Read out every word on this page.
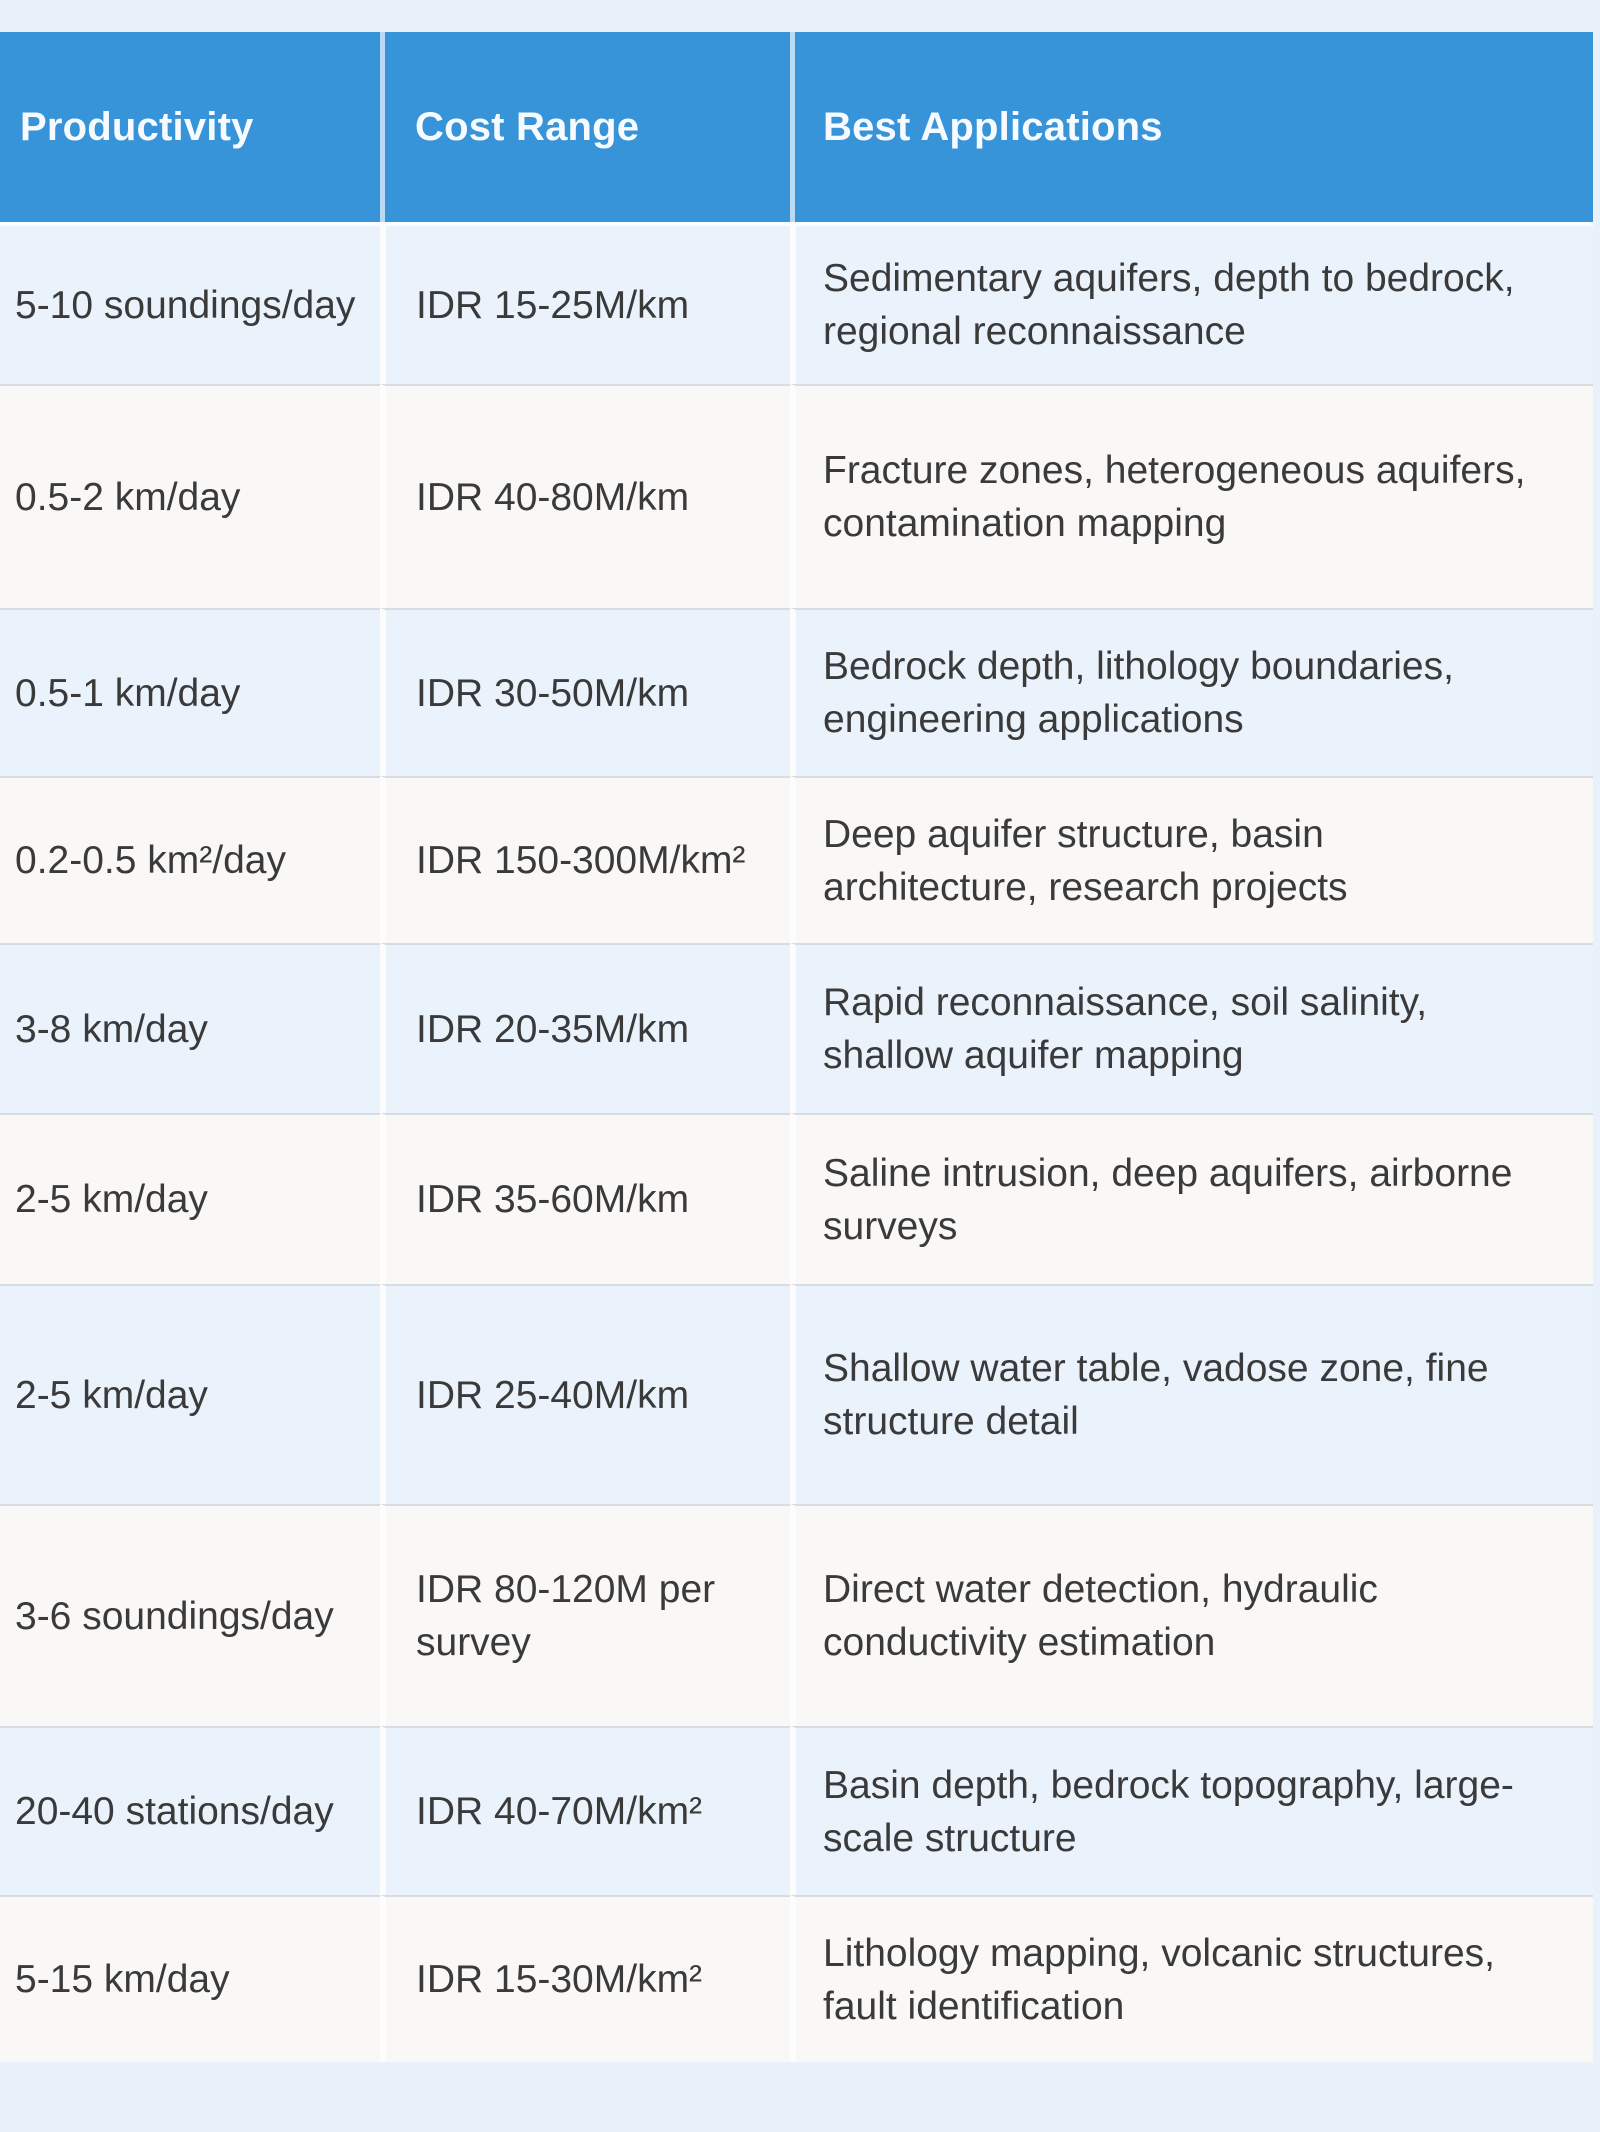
Productivity	Cost Range	Best Applications
5-10 soundings/day	IDR 15-25M/km	Sedimentary aquifers, depth to bedrock, regional reconnaissance
0.5-2 km/day	IDR 40-80M/km	Fracture zones, heterogeneous aquifers, contamination mapping
0.5-1 km/day	IDR 30-50M/km	Bedrock depth, lithology boundaries, engineering applications
0.2-0.5 km²/day	IDR 150-300M/km²	Deep aquifer structure, basin architecture, research projects
3-8 km/day	IDR 20-35M/km	Rapid reconnaissance, soil salinity, shallow aquifer mapping
2-5 km/day	IDR 35-60M/km	Saline intrusion, deep aquifers, airborne surveys
2-5 km/day	IDR 25-40M/km	Shallow water table, vadose zone, fine structure detail
3-6 soundings/day	IDR 80-120M per survey	Direct water detection, hydraulic conductivity estimation
20-40 stations/day	IDR 40-70M/km²	Basin depth, bedrock topography, large-scale structure
5-15 km/day	IDR 15-30M/km²	Lithology mapping, volcanic structures, fault identification
